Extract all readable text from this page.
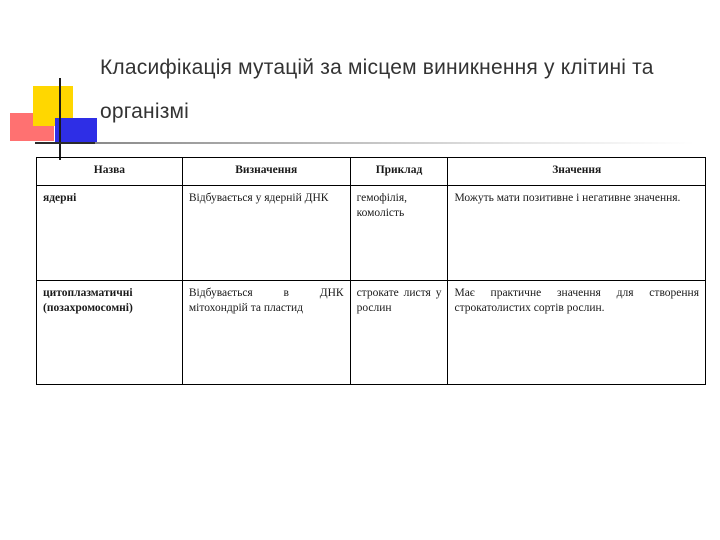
Класифікація мутацій за місцем виникнення у клітині та організмі
Назва	Визначення	Приклад	Значення
ядерні	Відбувається у ядерній ДНК	гемофілія, комолість	Можуть мати позитивне і негативне значення.
цитоплазматичні (позахромосомні)	Відбувається в ДНК мітохондрій та пластид	строкате листя у рослин	Має практичне значення для створення строкатолистих сортів рослин.
